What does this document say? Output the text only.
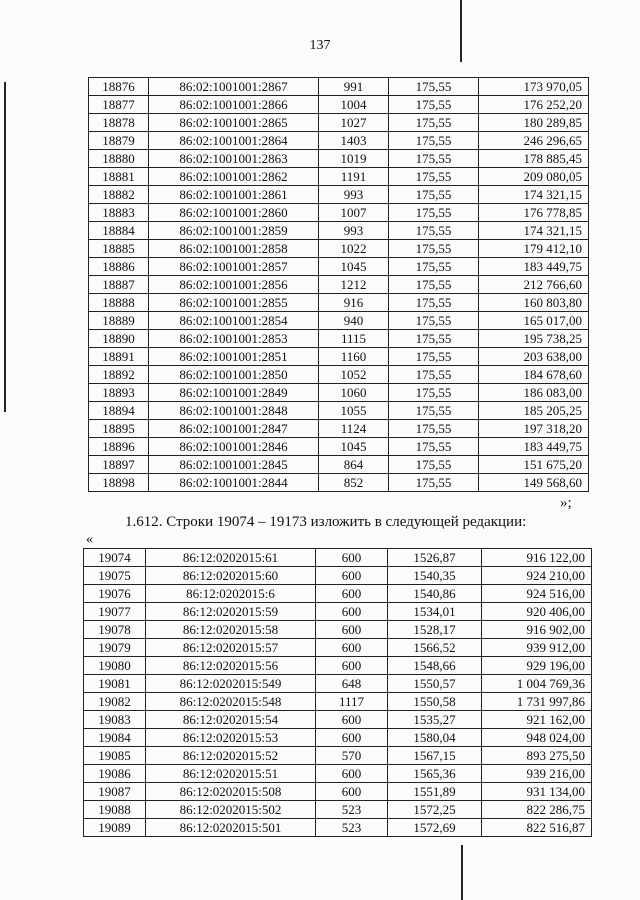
137
18876	86:02:1001001:2867	991	175,55	173 970,05
18877	86:02:1001001:2866	1004	175,55	176 252,20
18878	86:02:1001001:2865	1027	175,55	180 289,85
18879	86:02:1001001:2864	1403	175,55	246 296,65
18880	86:02:1001001:2863	1019	175,55	178 885,45
18881	86:02:1001001:2862	1191	175,55	209 080,05
18882	86:02:1001001:2861	993	175,55	174 321,15
18883	86:02:1001001:2860	1007	175,55	176 778,85
18884	86:02:1001001:2859	993	175,55	174 321,15
18885	86:02:1001001:2858	1022	175,55	179 412,10
18886	86:02:1001001:2857	1045	175,55	183 449,75
18887	86:02:1001001:2856	1212	175,55	212 766,60
18888	86:02:1001001:2855	916	175,55	160 803,80
18889	86:02:1001001:2854	940	175,55	165 017,00
18890	86:02:1001001:2853	1115	175,55	195 738,25
18891	86:02:1001001:2851	1160	175,55	203 638,00
18892	86:02:1001001:2850	1052	175,55	184 678,60
18893	86:02:1001001:2849	1060	175,55	186 083,00
18894	86:02:1001001:2848	1055	175,55	185 205,25
18895	86:02:1001001:2847	1124	175,55	197 318,20
18896	86:02:1001001:2846	1045	175,55	183 449,75
18897	86:02:1001001:2845	864	175,55	151 675,20
18898	86:02:1001001:2844	852	175,55	149 568,60
»;
1.612. Строки 19074 – 19173 изложить в следующей редакции:
«
19074	86:12:0202015:61	600	1526,87	916 122,00
19075	86:12:0202015:60	600	1540,35	924 210,00
19076	86:12:0202015:6	600	1540,86	924 516,00
19077	86:12:0202015:59	600	1534,01	920 406,00
19078	86:12:0202015:58	600	1528,17	916 902,00
19079	86:12:0202015:57	600	1566,52	939 912,00
19080	86:12:0202015:56	600	1548,66	929 196,00
19081	86:12:0202015:549	648	1550,57	1 004 769,36
19082	86:12:0202015:548	1117	1550,58	1 731 997,86
19083	86:12:0202015:54	600	1535,27	921 162,00
19084	86:12:0202015:53	600	1580,04	948 024,00
19085	86:12:0202015:52	570	1567,15	893 275,50
19086	86:12:0202015:51	600	1565,36	939 216,00
19087	86:12:0202015:508	600	1551,89	931 134,00
19088	86:12:0202015:502	523	1572,25	822 286,75
19089	86:12:0202015:501	523	1572,69	822 516,87
